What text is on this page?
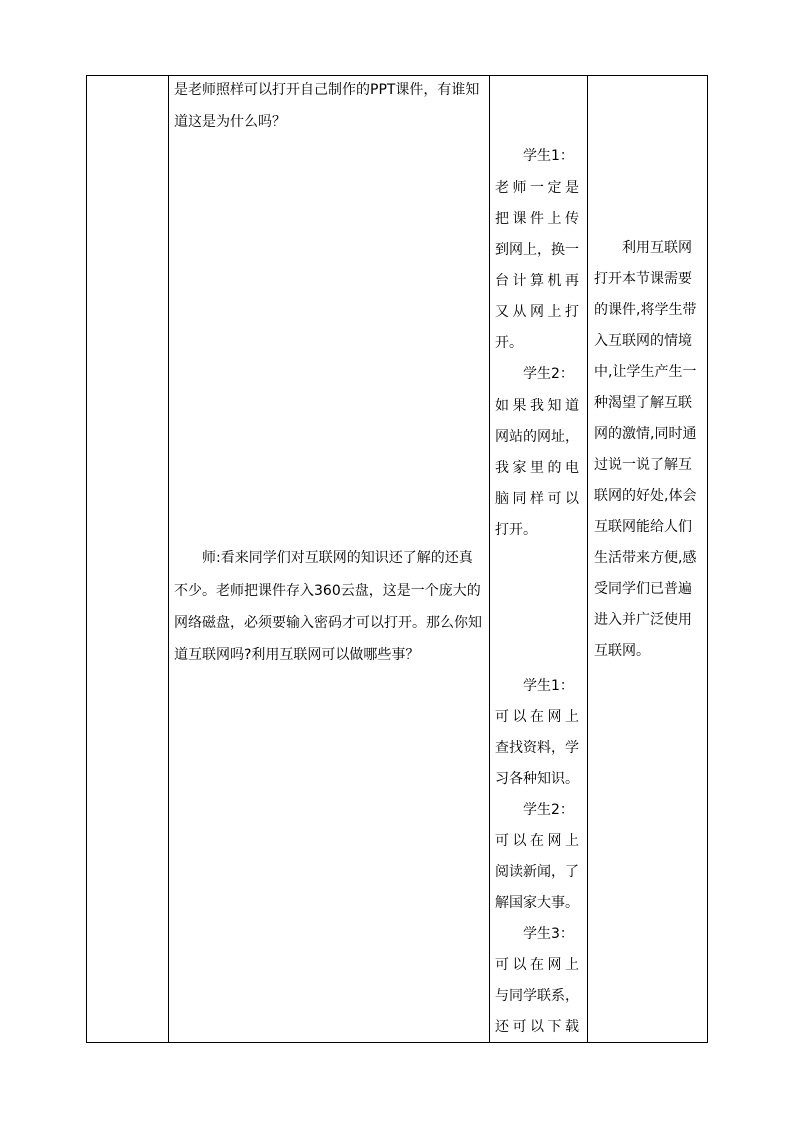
是老师照样可以打开自己制作的PPT课件，有谁知
道这是为什么吗？
师:看来同学们对互联网的知识还了解的还真
不少。老师把课件存入360云盘，这是一个庞大的
网络磁盘，必须要输入密码才可以打开。那么你知
道互联网吗?利用互联网可以做哪些事？
学生1：
老师一定是
把课件上传
到网上，换一
台计算机再
又从网上打
开。
学生2：
如果我知道
网站的网址，
我家里的电
脑同样可以
打开。
学生1：
可以在网上
查找资料，学
习各种知识。
学生2：
可以在网上
阅读新闻，了
解国家大事。
学生3：
可以在网上
与同学联系，
还可以下载
利用互联网
打开本节课需要
的课件,将学生带
入互联网的情境
中,让学生产生一
种渴望了解互联
网的激情,同时通
过说一说了解互
联网的好处,体会
互联网能给人们
生活带来方便,感
受同学们已普遍
进入并广泛使用
互联网。
